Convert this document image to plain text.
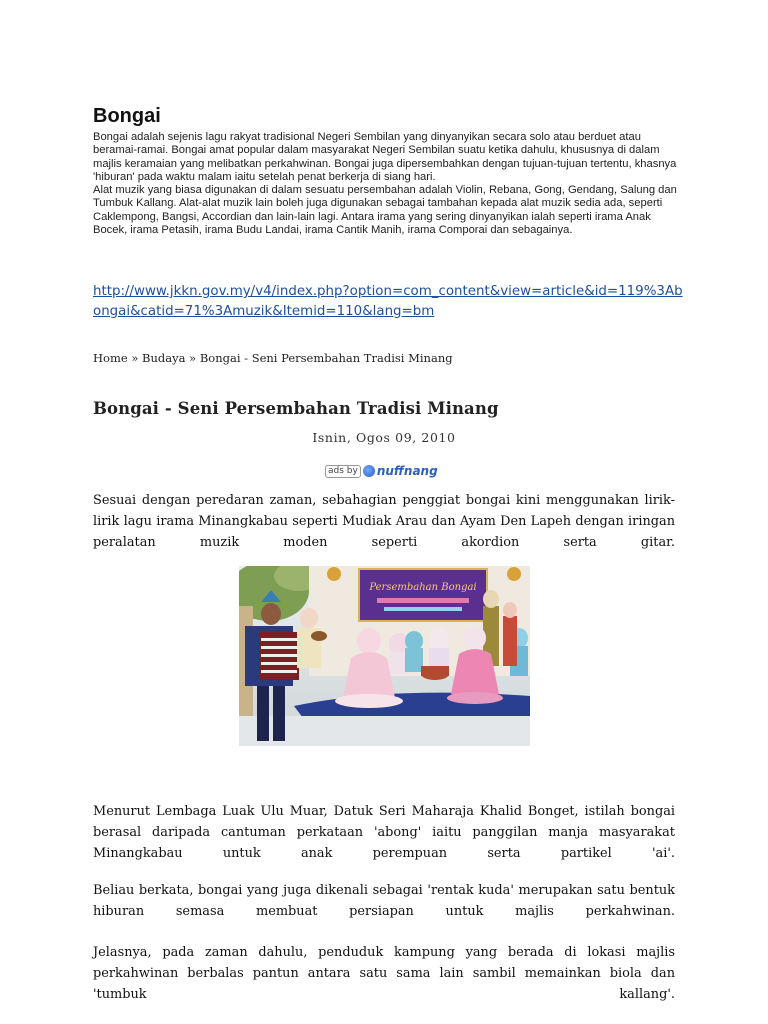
Bongai

Bongai adalah sejenis lagu rakyat tradisional Negeri Sembilan yang dinyanyikan secara solo atau berduet atau beramai-ramai. Bongai amat popular dalam masyarakat Negeri Sembilan suatu ketika dahulu, khususnya di dalam majlis keramaian yang melibatkan perkahwinan. Bongai juga dipersembahkan dengan tujuan-tujuan tertentu, khasnya 'hiburan' pada waktu malam iaitu setelah penat berkerja di siang hari.

Alat muzik yang biasa digunakan di dalam sesuatu persembahan adalah Violin, Rebana, Gong, Gendang, Salung dan Tumbuk Kallang. Alat-alat muzik lain boleh juga digunakan sebagai tambahan kepada alat muzik sedia ada, seperti Caklempong, Bangsi, Accordian dan lain-lain lagi. Antara irama yang sering dinyanyikan ialah seperti irama Anak Bocek, irama Petasih, irama Budu Landai, irama Cantik Manih, irama Comporai dan sebagainya.

http://www.jkkn.gov.my/v4/index.php?option=com_content&view=article&id=119%3Abongai&catid=71%3Amuzik&Itemid=110&lang=bm
Home » Budaya » Bongai - Seni Persembahan Tradisi Minang
Bongai - Seni Persembahan Tradisi Minang
Isnin, Ogos 09, 2010
ads by nuffnang
Sesuai dengan peredaran zaman, sebahagian penggiat bongai kini menggunakan lirik-lirik lagu irama Minangkabau seperti Mudiak Arau dan Ayam Den Lapeh dengan iringan peralatan muzik moden seperti akordion serta gitar.
Persembahan Bongai
Menurut Lembaga Luak Ulu Muar, Datuk Seri Maharaja Khalid Bonget, istilah bongai berasal daripada cantuman perkataan 'abong' iaitu panggilan manja masyarakat Minangkabau untuk anak perempuan serta partikel 'ai'.
Beliau berkata, bongai yang juga dikenali sebagai 'rentak kuda' merupakan satu bentuk hiburan semasa membuat persiapan untuk majlis perkahwinan.
Jelasnya, pada zaman dahulu, penduduk kampung yang berada di lokasi majlis perkahwinan berbalas pantun antara satu sama lain sambil memainkan biola dan 'tumbuk kallang'.
